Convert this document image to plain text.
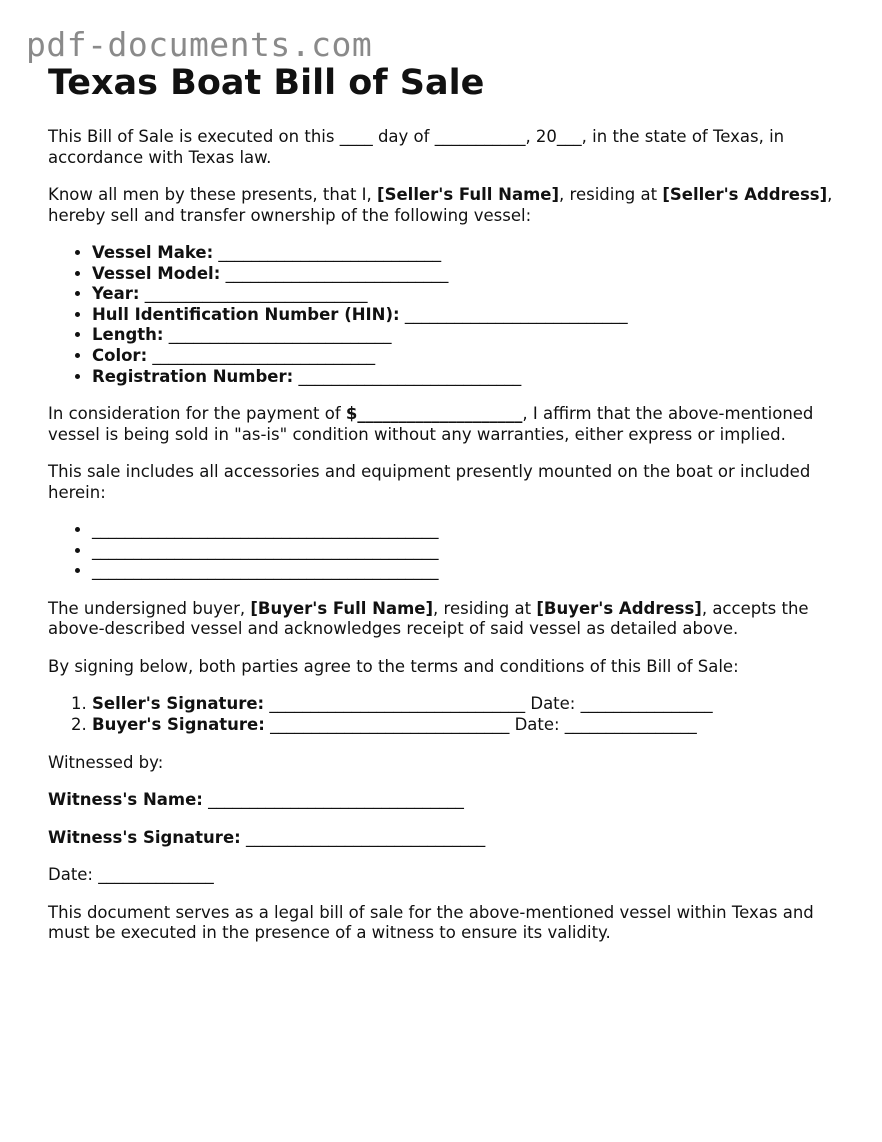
pdf-documents.com
Texas Boat Bill of Sale

This Bill of Sale is executed on this ____ day of ___________, 20___, in the state of Texas, in accordance with Texas law.

Know all men by these presents, that I, [Seller's Full Name], residing at [Seller's Address], hereby sell and transfer ownership of the following vessel:

• Vessel Make: ___________________________
• Vessel Model: ___________________________
• Year: ___________________________
• Hull Identification Number (HIN): ___________________________
• Length: ___________________________
• Color: ___________________________
• Registration Number: ___________________________

In consideration for the payment of $____________________, I affirm that the above-mentioned vessel is being sold in "as-is" condition without any warranties, either express or implied.

This sale includes all accessories and equipment presently mounted on the boat or included herein:

• __________________________________________
• __________________________________________
• __________________________________________

The undersigned buyer, [Buyer's Full Name], residing at [Buyer's Address], accepts the above-described vessel and acknowledges receipt of said vessel as detailed above.

By signing below, both parties agree to the terms and conditions of this Bill of Sale:

1. Seller's Signature: _______________________________ Date: ________________
2. Buyer's Signature: _____________________________ Date: ________________

Witnessed by:

Witness's Name: _______________________________

Witness's Signature: _____________________________

Date: ______________

This document serves as a legal bill of sale for the above-mentioned vessel within Texas and must be executed in the presence of a witness to ensure its validity.
